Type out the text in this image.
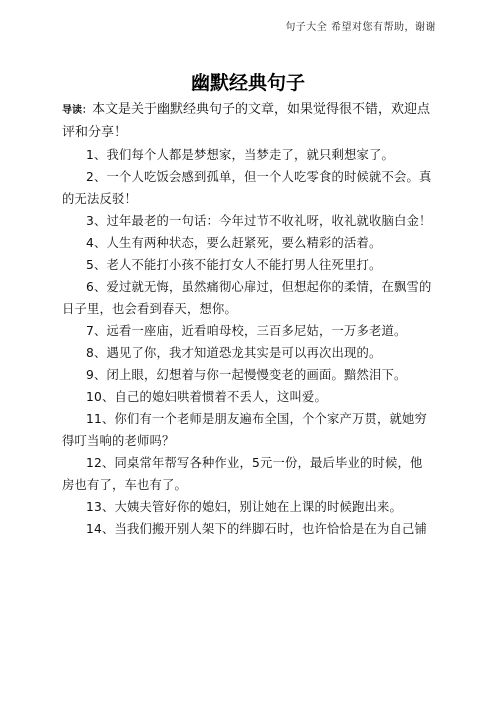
句子大全 希望对您有帮助，谢谢
幽默经典句子

导读：本文是关于幽默经典句子的文章，如果觉得很不错，欢迎点评和分享！

1、我们每个人都是梦想家，当梦走了，就只剩想家了。

2、一个人吃饭会感到孤单，但一个人吃零食的时候就不会。真的无法反驳！

3、过年最老的一句话：今年过节不收礼呀，收礼就收脑白金！

4、人生有两种状态，要么赶紧死，要么精彩的活着。

5、老人不能打小孩不能打女人不能打男人往死里打。

6、爱过就无悔，虽然痛彻心扉过，但想起你的柔情，在飘雪的日子里，也会看到春天，想你。

7、远看一座庙，近看咱母校，三百多尼姑，一万多老道。

8、遇见了你，我才知道恐龙其实是可以再次出现的。

9、闭上眼，幻想着与你一起慢慢变老的画面。黯然泪下。

10、自己的媳妇哄着惯着不丢人，这叫爱。

11、你们有一个老师是朋友遍布全国，个个家产万贯，就她穷得叮当响的老师吗？

12、同桌常年帮写各种作业，5元一份，最后毕业的时候，他房也有了，车也有了。

13、大姨夫管好你的媳妇，别让她在上课的时候跑出来。

14、当我们搬开别人架下的绊脚石时，也许恰恰是在为自己铺
